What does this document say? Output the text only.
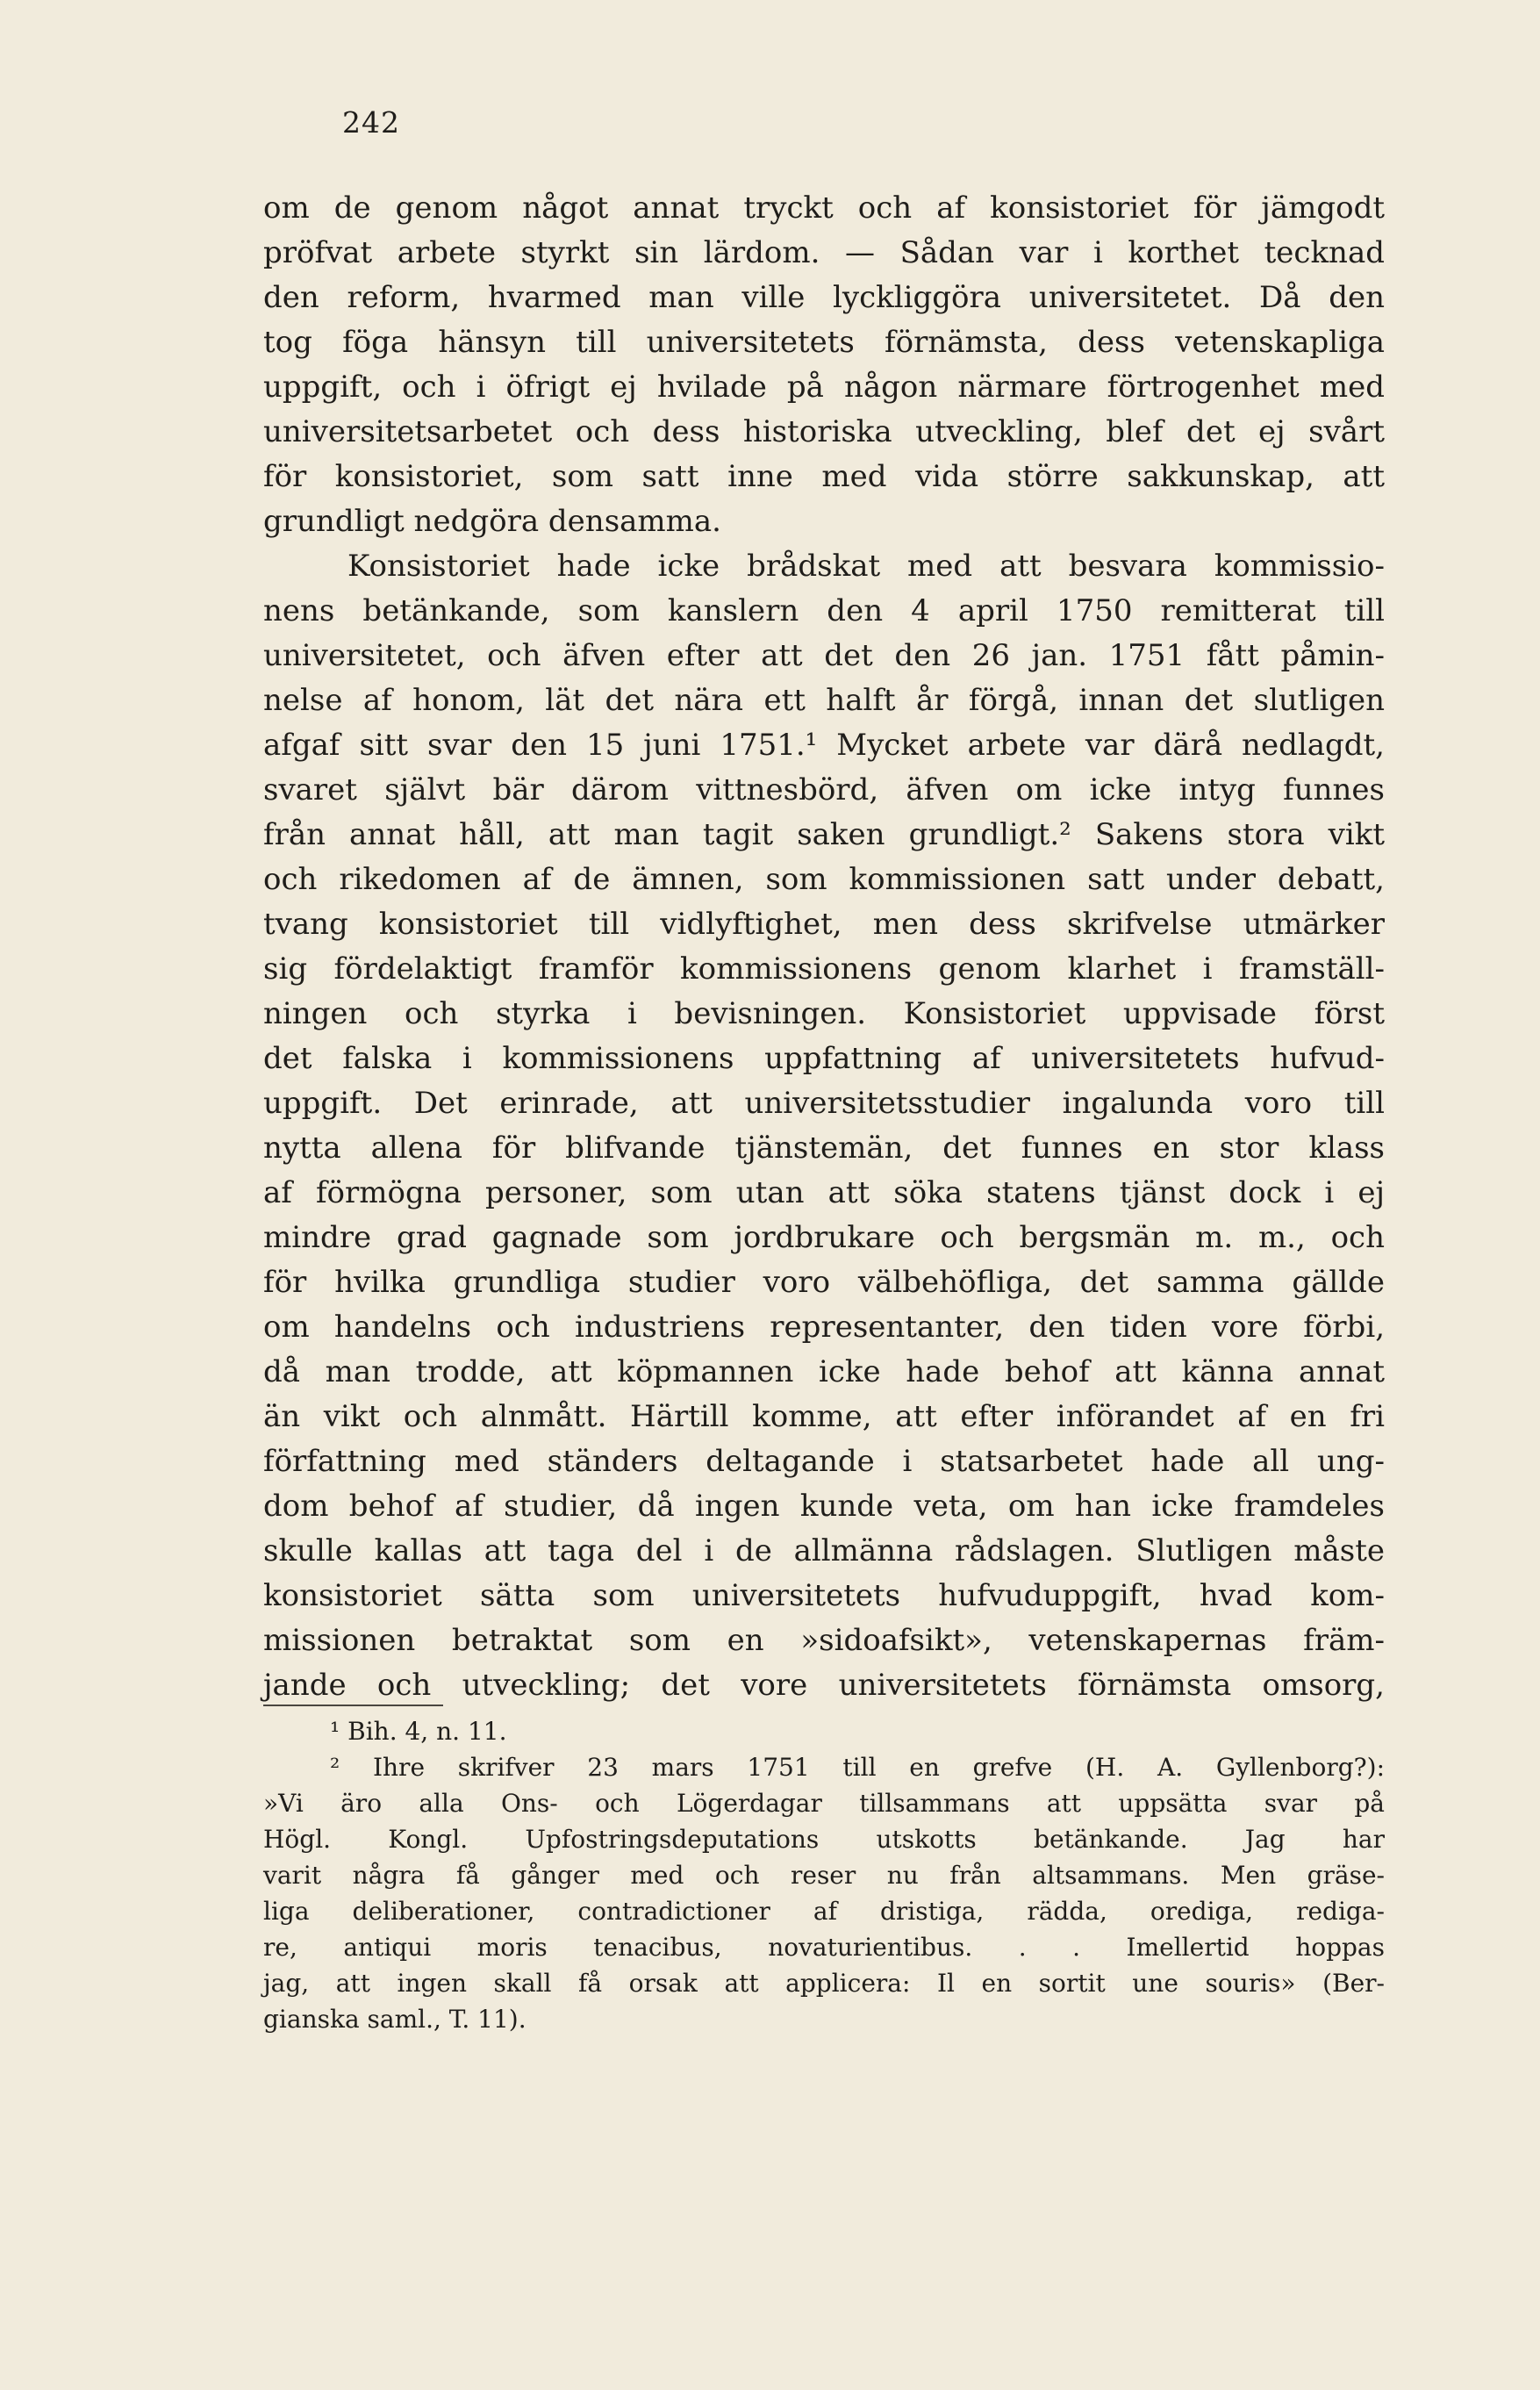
242
om de genom något annat tryckt och af konsistoriet för jämgodt
pröfvat arbete styrkt sin lärdom. — Sådan var i korthet tecknad
den reform, hvarmed man ville lyckliggöra universitetet. Då den
tog föga hänsyn till universitetets förnämsta, dess vetenskapliga
uppgift, och i öfrigt ej hvilade på någon närmare förtrogenhet med
universitetsarbetet och dess historiska utveckling, blef det ej svårt
för konsistoriet, som satt inne med vida större sakkunskap, att
grundligt nedgöra densamma.
Konsistoriet hade icke brådskat med att besvara kommissio-
nens betänkande, som kanslern den 4 april 1750 remitterat till
universitetet, och äfven efter att det den 26 jan. 1751 fått påmin-
nelse af honom, lät det nära ett halft år förgå, innan det slutligen
afgaf sitt svar den 15 juni 1751.¹ Mycket arbete var därå nedlagdt,
svaret självt bär därom vittnesbörd, äfven om icke intyg funnes
från annat håll, att man tagit saken grundligt.² Sakens stora vikt
och rikedomen af de ämnen, som kommissionen satt under debatt,
tvang konsistoriet till vidlyftighet, men dess skrifvelse utmärker
sig fördelaktigt framför kommissionens genom klarhet i framställ-
ningen och styrka i bevisningen. Konsistoriet uppvisade först
det falska i kommissionens uppfattning af universitetets hufvud-
uppgift. Det erinrade, att universitetsstudier ingalunda voro till
nytta allena för blifvande tjänstemän, det funnes en stor klass
af förmögna personer, som utan att söka statens tjänst dock i ej
mindre grad gagnade som jordbrukare och bergsmän m. m., och
för hvilka grundliga studier voro välbehöfliga, det samma gällde
om handelns och industriens representanter, den tiden vore förbi,
då man trodde, att köpmannen icke hade behof att känna annat
än vikt och alnmått. Härtill komme, att efter införandet af en fri
författning med ständers deltagande i statsarbetet hade all ung-
dom behof af studier, då ingen kunde veta, om han icke framdeles
skulle kallas att taga del i de allmänna rådslagen. Slutligen måste
konsistoriet sätta som universitetets hufvuduppgift, hvad kom-
missionen betraktat som en »sidoafsikt», vetenskapernas främ-
jande och utveckling; det vore universitetets förnämsta omsorg,
¹ Bih. 4, n. 11.
² Ihre skrifver 23 mars 1751 till en grefve (H. A. Gyllenborg?):
»Vi äro alla Ons- och Lögerdagar tillsammans att uppsätta svar på
Högl. Kongl. Upfostringsdeputations utskotts betänkande. Jag har
varit några få gånger med och reser nu från altsammans. Men gräse-
liga deliberationer, contradictioner af dristiga, rädda, orediga, rediga-
re, antiqui moris tenacibus, novaturientibus. . . Imellertid hoppas
jag, att ingen skall få orsak att applicera: Il en sortit une souris» (Ber-
gianska saml., T. 11).
